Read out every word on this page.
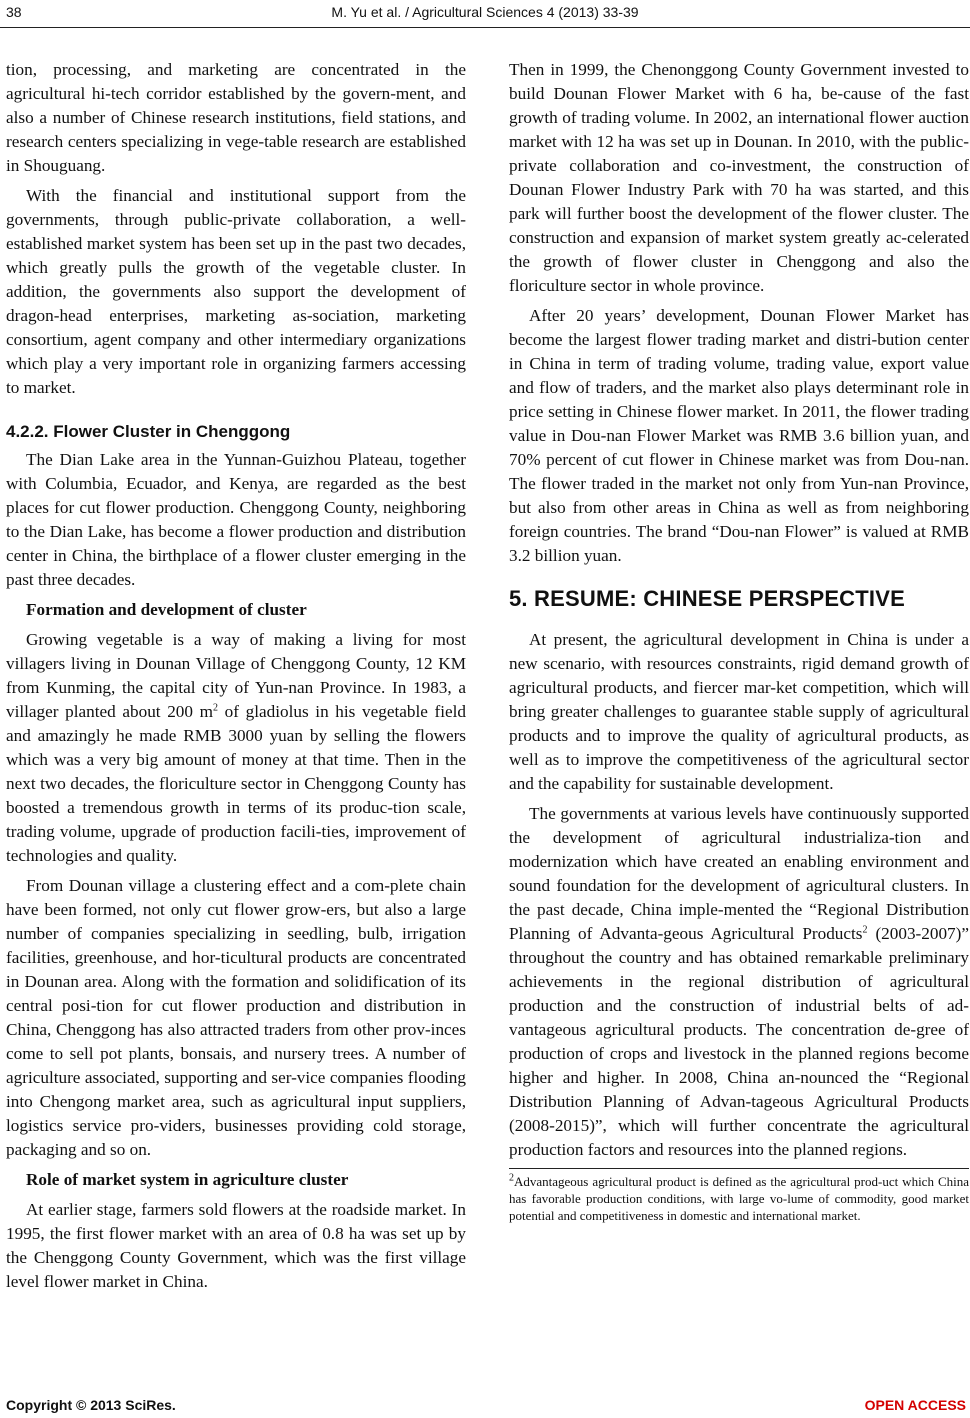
38	M. Yu et al. / Agricultural Sciences 4 (2013) 33-39

tion, processing, and marketing are concentrated in the agricultural hi-tech corridor established by the govern-ment, and also a number of Chinese research institutions, field stations, and research centers specializing in vege-table research are established in Shouguang.

With the financial and institutional support from the governments, through public-private collaboration, a well-established market system has been set up in the past two decades, which greatly pulls the growth of the vegetable cluster. In addition, the governments also support the development of dragon-head enterprises, marketing as-sociation, marketing consortium, agent company and other intermediary organizations which play a very important role in organizing farmers accessing to market.

4.2.2. Flower Cluster in Chenggong

The Dian Lake area in the Yunnan-Guizhou Plateau, together with Columbia, Ecuador, and Kenya, are regarded as the best places for cut flower production. Chenggong County, neighboring to the Dian Lake, has become a flower production and distribution center in China, the birthplace of a flower cluster emerging in the past three decades.

Formation and development of cluster

Growing vegetable is a way of making a living for most villagers living in Dounan Village of Chenggong County, 12 KM from Kunming, the capital city of Yun-nan Province. In 1983, a villager planted about 200 $m^2$ of gladiolus in his vegetable field and amazingly he made RMB 3000 yuan by selling the flowers which was a very big amount of money at that time. Then in the next two decades, the floriculture sector in Chenggong County has boosted a tremendous growth in terms of its produc-tion scale, trading volume, upgrade of production facili-ties, improvement of technologies and quality.

From Dounan village a clustering effect and a com-plete chain have been formed, not only cut flower grow-ers, but also a large number of companies specializing in seedling, bulb, irrigation facilities, greenhouse, and hor-ticultural products are concentrated in Dounan area. Along with the formation and solidification of its central posi-tion for cut flower production and distribution in China, Chenggong has also attracted traders from other prov-inces come to sell pot plants, bonsais, and nursery trees. A number of agriculture associated, supporting and ser-vice companies flooding into Chengong market area, such as agricultural input suppliers, logistics service pro-viders, businesses providing cold storage, packaging and so on.

Role of market system in agriculture cluster

At earlier stage, farmers sold flowers at the roadside market. In 1995, the first flower market with an area of 0.8 ha was set up by the Chenggong County Government, which was the first village level flower market in China.

Then in 1999, the Chenonggong County Government invested to build Dounan Flower Market with 6 ha, be-cause of the fast growth of trading volume. In 2002, an international flower auction market with 12 ha was set up in Dounan. In 2010, with the public-private collaboration and co-investment, the construction of Dounan Flower Industry Park with 70 ha was started, and this park will further boost the development of the flower cluster. The construction and expansion of market system greatly ac-celerated the growth of flower cluster in Chenggong and also the floriculture sector in whole province.

After 20 years’ development, Dounan Flower Market has become the largest flower trading market and distri-bution center in China in term of trading volume, trading value, export value and flow of traders, and the market also plays determinant role in price setting in Chinese flower market. In 2011, the flower trading value in Dou-nan Flower Market was RMB 3.6 billion yuan, and 70% percent of cut flower in Chinese market was from Dou-nan. The flower traded in the market not only from Yun-nan Province, but also from other areas in China as well as from neighboring foreign countries. The brand “Dou-nan Flower” is valued at RMB 3.2 billion yuan.

5. RESUME: CHINESE PERSPECTIVE

At present, the agricultural development in China is under a new scenario, with resources constraints, rigid demand growth of agricultural products, and fiercer mar-ket competition, which will bring greater challenges to guarantee stable supply of agricultural products and to improve the quality of agricultural products, as well as to improve the competitiveness of the agricultural sector and the capability for sustainable development.

The governments at various levels have continuously supported the development of agricultural industrializa-tion and modernization which have created an enabling environment and sound foundation for the development of agricultural clusters. In the past decade, China imple-mented the “Regional Distribution Planning of Advanta-geous Agricultural Products$^2$ (2003-2007)” throughout the country and has obtained remarkable preliminary achievements in the regional distribution of agricultural production and the construction of industrial belts of ad-vantageous agricultural products. The concentration de-gree of production of crops and livestock in the planned regions become higher and higher. In 2008, China an-nounced the “Regional Distribution Planning of Advan-tageous Agricultural Products (2008-2015)”, which will further concentrate the agricultural production factors and resources into the planned regions.

$^2$Advantageous agricultural product is defined as the agricultural prod-uct which China has favorable production conditions, with large vo-lume of commodity, good market potential and competitiveness in domestic and international market.

Copyright © 2013 SciRes.	OPEN ACCESS
